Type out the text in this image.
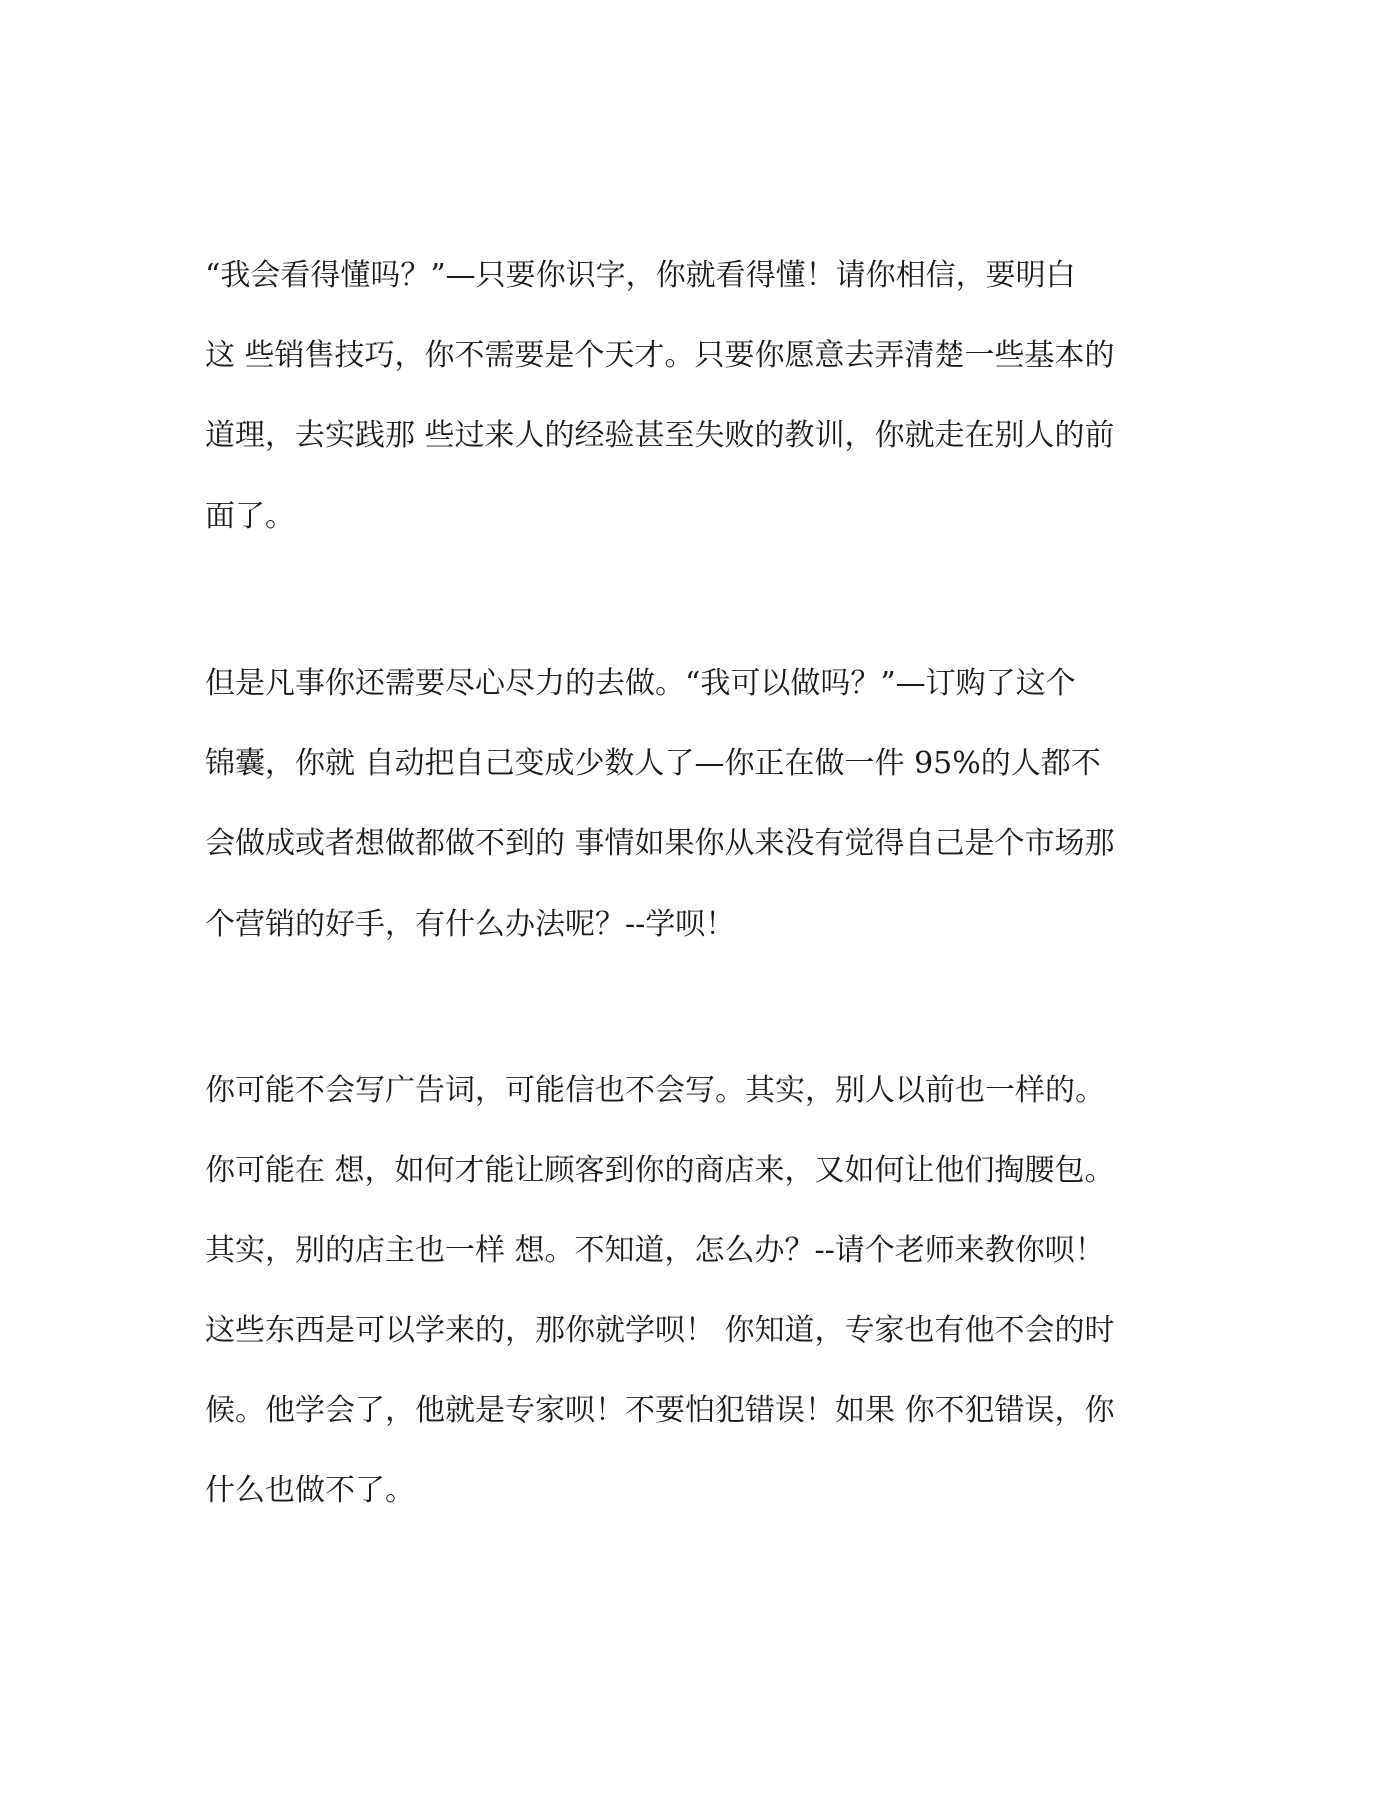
“我会看得懂吗？”—只要你识字，你就看得懂！请你相信，要明白

这 些销售技巧，你不需要是个天才。只要你愿意去弄清楚一些基本的

道理，去实践那 些过来人的经验甚至失败的教训，你就走在别人的前

面了。

但是凡事你还需要尽心尽力的去做。“我可以做吗？”—订购了这个

锦囊，你就 自动把自己变成少数人了—你正在做一件 95%的人都不

会做成或者想做都做不到的 事情如果你从来没有觉得自己是个市场那

个营销的好手，有什么办法呢？--学呗！

你可能不会写广告词，可能信也不会写。其实，别人以前也一样的。

你可能在 想，如何才能让顾客到你的商店来，又如何让他们掏腰包。

其实，别的店主也一样 想。不知道，怎么办？--请个老师来教你呗！

这些东西是可以学来的，那你就学呗！ 你知道，专家也有他不会的时

候。他学会了，他就是专家呗！不要怕犯错误！如果 你不犯错误，你

什么也做不了。
